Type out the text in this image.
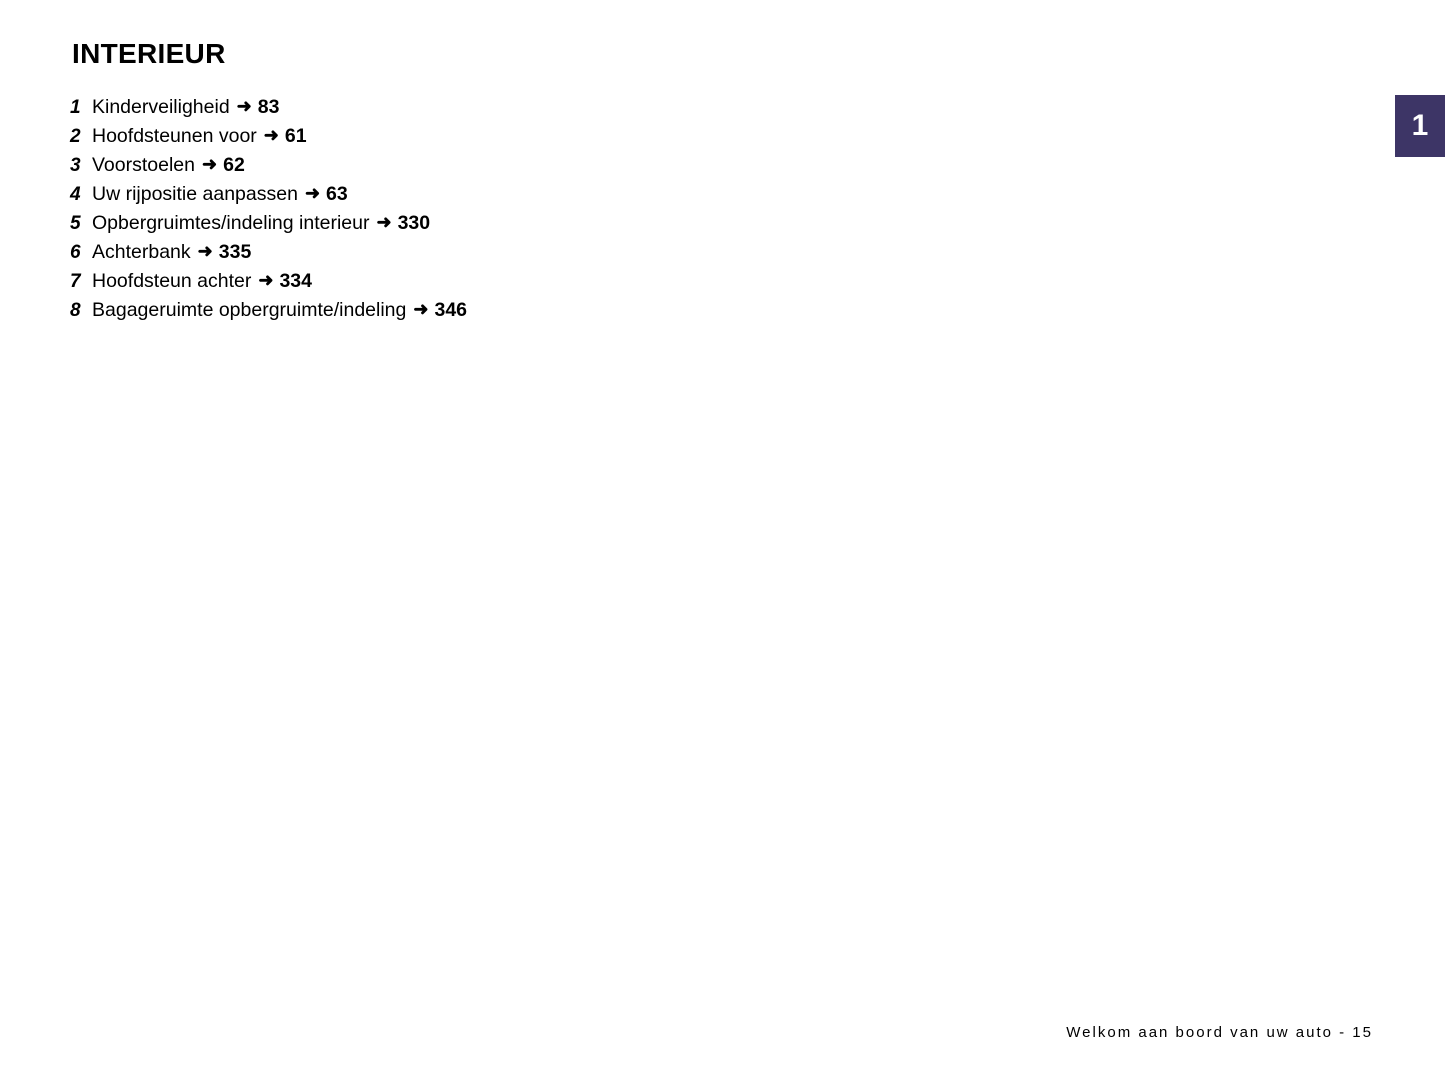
1
INTERIEUR
1 Kinderveiligheid ➜ 83
2 Hoofdsteunen voor ➜ 61
3 Voorstoelen ➜ 62
4 Uw rijpositie aanpassen ➜ 63
5 Opbergruimtes/indeling interieur ➜ 330
6 Achterbank ➜ 335
7 Hoofdsteun achter ➜ 334
8 Bagageruimte opbergruimte/indeling ➜ 346
Welkom aan boord van uw auto - 15
